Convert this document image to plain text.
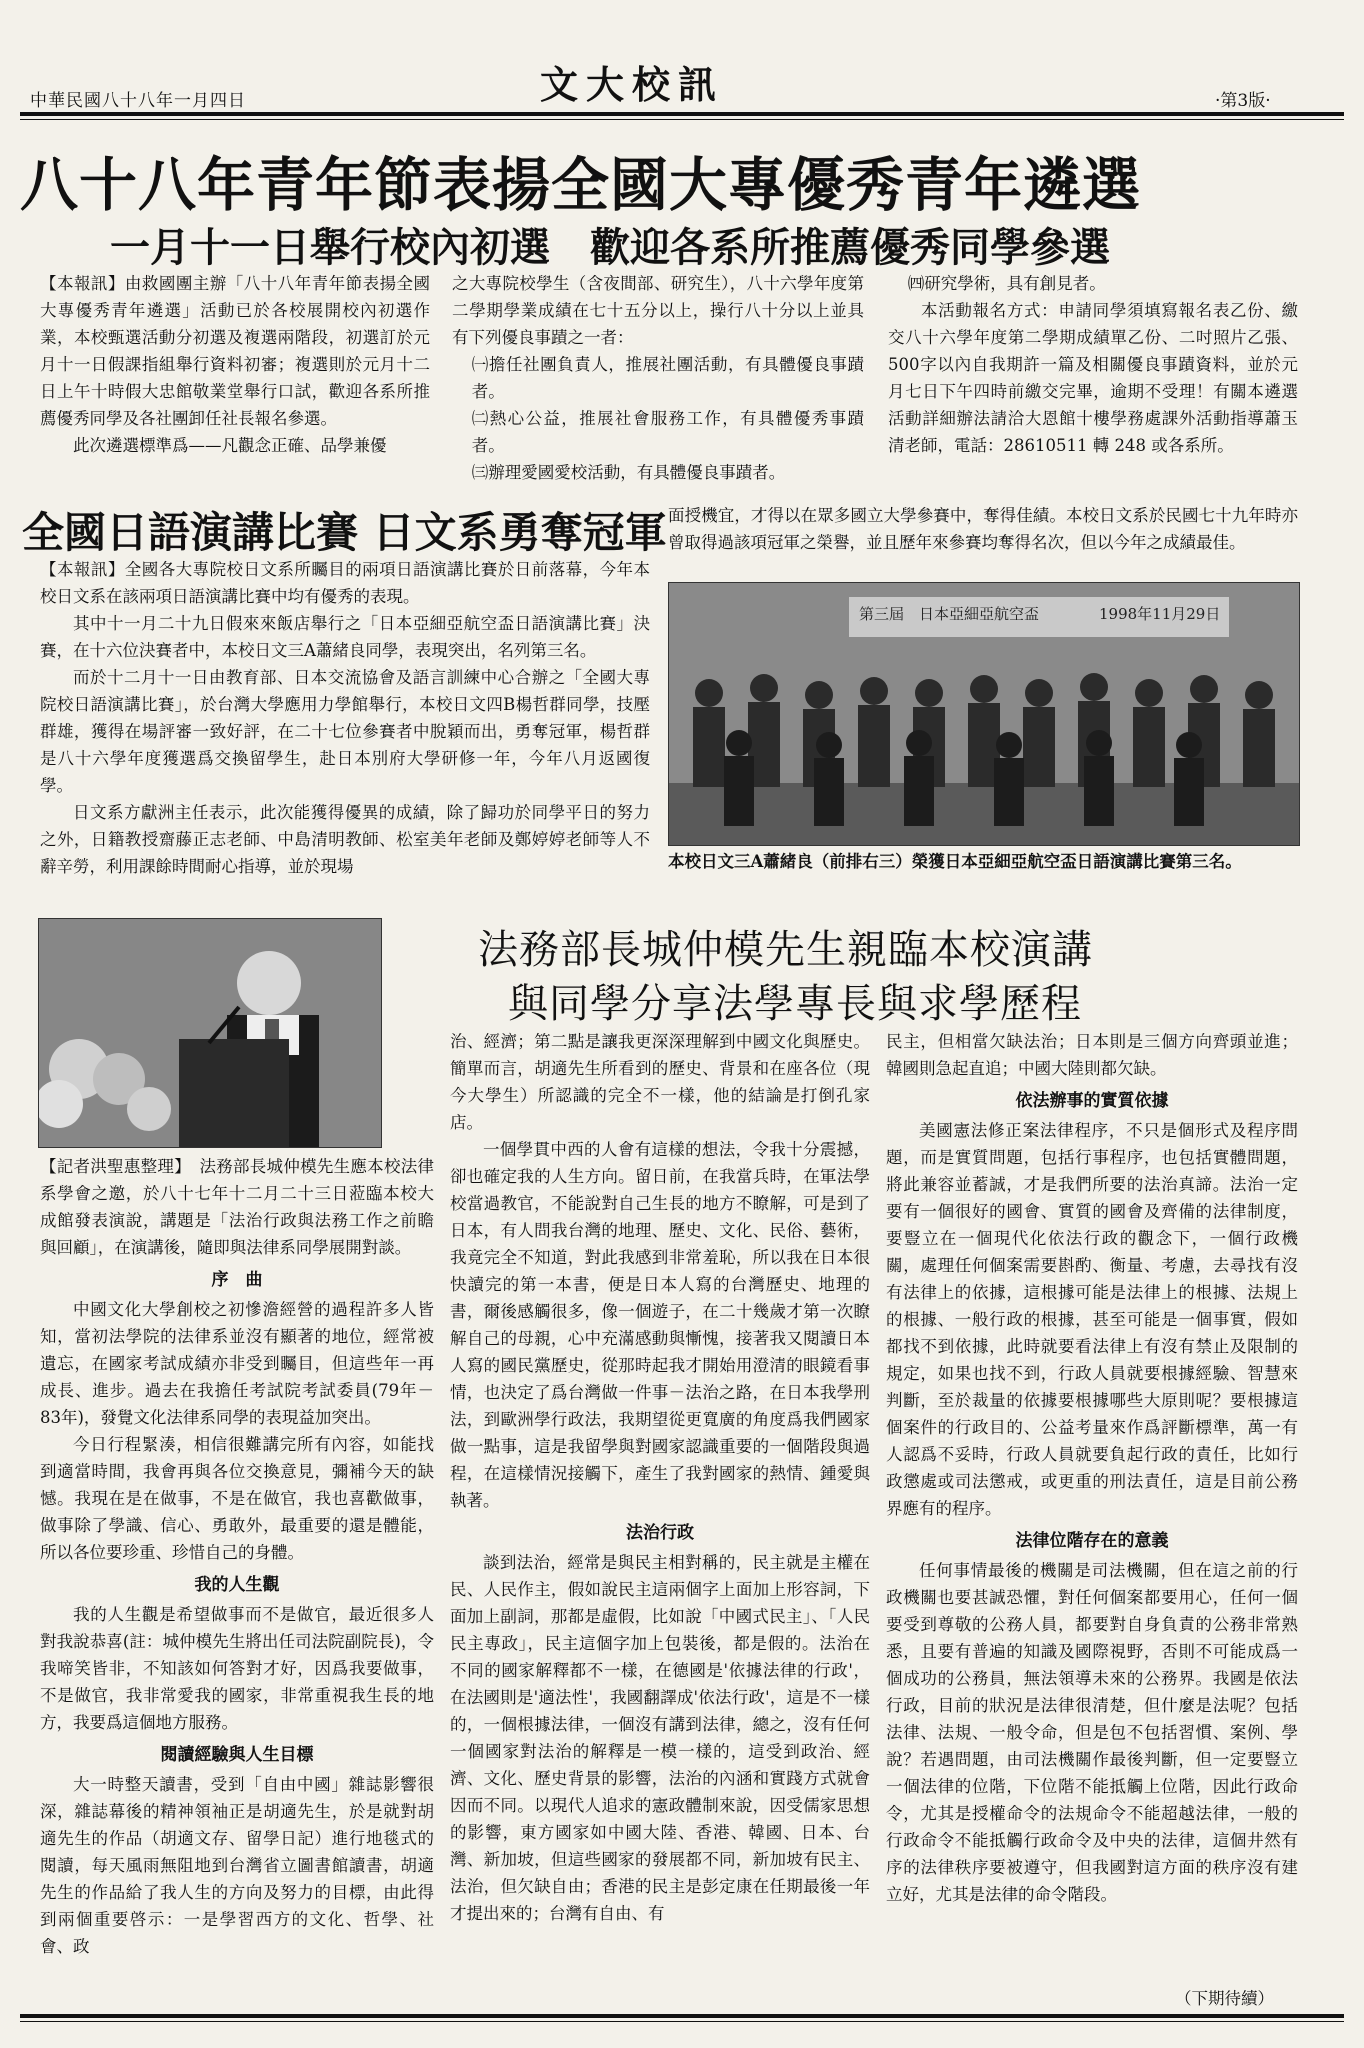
中華民國八十八年一月四日	文大校訊	·第3版·
八十八年青年節表揚全國大專優秀青年遴選
一月十一日舉行校內初選　歡迎各系所推薦優秀同學參選

【本報訊】由救國團主辦「八十八年青年節表揚全國大專優秀青年遴選」活動已於各校展開校內初選作業，本校甄選活動分初選及複選兩階段，初選訂於元月十一日假課指組舉行資料初審；複選則於元月十二日上午十時假大忠館敬業堂舉行口試，歡迎各系所推薦優秀同學及各社團卸任社長報名參選。

此次遴選標準爲——凡觀念正確、品學兼優

之大專院校學生（含夜間部、研究生），八十六學年度第二學期學業成績在七十五分以上，操行八十分以上並具有下列優良事蹟之一者：

㈠擔任社團負責人，推展社團活動，有具體優良事蹟者。

㈡熱心公益，推展社會服務工作，有具體優秀事蹟者。

㈢辦理愛國愛校活動，有具體優良事蹟者。

㈣研究學術，具有創見者。

本活動報名方式：申請同學須填寫報名表乙份、繳交八十六學年度第二學期成績單乙份、二吋照片乙張、500字以內自我期許一篇及相關優良事蹟資料，並於元月七日下午四時前繳交完畢，逾期不受理！有關本遴選活動詳細辦法請洽大恩館十樓學務處課外活動指導蕭玉清老師，電話：28610511 轉 248 或各系所。

全國日語演講比賽 日文系勇奪冠軍

【本報訊】全國各大專院校日文系所矚目的兩項日語演講比賽於日前落幕，今年本校日文系在該兩項日語演講比賽中均有優秀的表現。

其中十一月二十九日假來來飯店舉行之「日本亞細亞航空盃日語演講比賽」決賽，在十六位決賽者中，本校日文三A蕭緒良同學，表現突出，名列第三名。

而於十二月十一日由教育部、日本交流協會及語言訓練中心合辦之「全國大專院校日語演講比賽」，於台灣大學應用力學館舉行，本校日文四B楊哲群同學，技壓群雄，獲得在場評審一致好評，在二十七位參賽者中脫穎而出，勇奪冠軍，楊哲群是八十六學年度獲選爲交換留學生，赴日本別府大學研修一年，今年八月返國復學。

日文系方獻洲主任表示，此次能獲得優異的成績，除了歸功於同學平日的努力之外，日籍教授齋藤正志老師、中島清明教師、松室美年老師及鄭婷婷老師等人不辭辛勞，利用課餘時間耐心指導，並於現場

面授機宜，才得以在眾多國立大學參賽中，奪得佳績。本校日文系於民國七十九年時亦曾取得過該項冠軍之榮譽，並且歷年來參賽均奪得名次，但以今年之成績最佳。

第三屆　日本亞細亞航空盃	1998年11月29日
本校日文三A蕭緒良（前排右三）榮獲日本亞細亞航空盃日語演講比賽第三名。
法務部長城仲模先生親臨本校演講
與同學分享法學專長與求學歷程

【記者洪聖惠整理】　法務部長城仲模先生應本校法律系學會之邀，於八十七年十二月二十三日蒞臨本校大成館發表演說，講題是「法治行政與法務工作之前瞻與回顧」，在演講後，隨即與法律系同學展開對談。

序　曲

中國文化大學創校之初慘澹經營的過程許多人皆知，當初法學院的法律系並沒有顯著的地位，經常被遺忘，在國家考試成績亦非受到矚目，但這些年一再成長、進步。過去在我擔任考試院考試委員(79年－83年)，發覺文化法律系同學的表現益加突出。

今日行程緊湊，相信很難講完所有內容，如能找到適當時間，我會再與各位交換意見，彌補今天的缺憾。我現在是在做事，不是在做官，我也喜歡做事，做事除了學識、信心、勇敢外，最重要的還是體能，所以各位要珍重、珍惜自己的身體。

我的人生觀

我的人生觀是希望做事而不是做官，最近很多人對我說恭喜(註：城仲模先生將出任司法院副院長)，令我啼笑皆非，不知該如何答對才好，因爲我要做事，不是做官，我非常愛我的國家，非常重視我生長的地方，我要爲這個地方服務。

閱讀經驗與人生目標

大一時整天讀書，受到「自由中國」雜誌影響很深，雜誌幕後的精神領袖正是胡適先生，於是就對胡適先生的作品（胡適文存、留學日記）進行地毯式的閱讀，每天風雨無阻地到台灣省立圖書館讀書，胡適先生的作品給了我人生的方向及努力的目標，由此得到兩個重要啓示：一是學習西方的文化、哲學、社會、政

治、經濟；第二點是讓我更深深理解到中國文化與歷史。簡單而言，胡適先生所看到的歷史、背景和在座各位（現今大學生）所認識的完全不一樣，他的結論是打倒孔家店。

一個學貫中西的人會有這樣的想法，令我十分震撼，卻也確定我的人生方向。留日前，在我當兵時，在軍法學校當過教官，不能說對自己生長的地方不瞭解，可是到了日本，有人問我台灣的地理、歷史、文化、民俗、藝術，我竟完全不知道，對此我感到非常羞恥，所以我在日本很快讀完的第一本書，便是日本人寫的台灣歷史、地理的書，爾後感觸很多，像一個遊子，在二十幾歲才第一次瞭解自己的母親，心中充滿感動與慚愧，接著我又閱讀日本人寫的國民黨歷史，從那時起我才開始用澄清的眼鏡看事情，也決定了爲台灣做一件事－法治之路，在日本我學刑法，到歐洲學行政法，我期望從更寬廣的角度爲我們國家做一點事，這是我留學與對國家認識重要的一個階段與過程，在這樣情況接觸下，產生了我對國家的熱情、鍾愛與執著。

法治行政

談到法治，經常是與民主相對稱的，民主就是主權在民、人民作主，假如說民主這兩個字上面加上形容詞，下面加上副詞，那都是虛假，比如說「中國式民主」、「人民民主專政」，民主這個字加上包裝後，都是假的。法治在不同的國家解釋都不一樣，在德國是'依據法律的行政'，在法國則是'適法性'，我國翻譯成'依法行政'，這是不一樣的，一個根據法律，一個沒有講到法律，總之，沒有任何一個國家對法治的解釋是一模一樣的，這受到政治、經濟、文化、歷史背景的影響，法治的內涵和實踐方式就會因而不同。以現代人追求的憲政體制來說，因受儒家思想的影響，東方國家如中國大陸、香港、韓國、日本、台灣、新加坡，但這些國家的發展都不同，新加坡有民主、法治，但欠缺自由；香港的民主是彭定康在任期最後一年才提出來的；台灣有自由、有

民主，但相當欠缺法治；日本則是三個方向齊頭並進；韓國則急起直追；中國大陸則都欠缺。

依法辦事的實質依據

美國憲法修正案法律程序，不只是個形式及程序問題，而是實質問題，包括行事程序，也包括實體問題，將此兼容並蓄誠，才是我們所要的法治真諦。法治一定要有一個很好的國會、實質的國會及齊備的法律制度，要豎立在一個現代化依法行政的觀念下，一個行政機關，處理任何個案需要斟酌、衡量、考慮，去尋找有沒有法律上的依據，這根據可能是法律上的根據、法規上的根據、一般行政的根據，甚至可能是一個事實，假如都找不到依據，此時就要看法律上有沒有禁止及限制的規定，如果也找不到，行政人員就要根據經驗、智慧來判斷，至於裁量的依據要根據哪些大原則呢？要根據這個案件的行政目的、公益考量來作爲評斷標準，萬一有人認爲不妥時，行政人員就要負起行政的責任，比如行政懲處或司法懲戒，或更重的刑法責任，這是目前公務界應有的程序。

法律位階存在的意義

任何事情最後的機關是司法機關，但在這之前的行政機關也要甚誠恐懼，對任何個案都要用心，任何一個要受到尊敬的公務人員，都要對自身負責的公務非常熟悉，且要有普遍的知識及國際視野，否則不可能成爲一個成功的公務員，無法領導未來的公務界。我國是依法行政，目前的狀況是法律很清楚，但什麼是法呢？包括法律、法規、一般令命，但是包不包括習慣、案例、學說？若遇問題，由司法機關作最後判斷，但一定要豎立一個法律的位階，下位階不能抵觸上位階，因此行政命令，尤其是授權命令的法規命令不能超越法律，一般的行政命令不能抵觸行政命令及中央的法律，這個井然有序的法律秩序要被遵守，但我國對這方面的秩序沒有建立好，尤其是法律的命令階段。

（下期待續）
